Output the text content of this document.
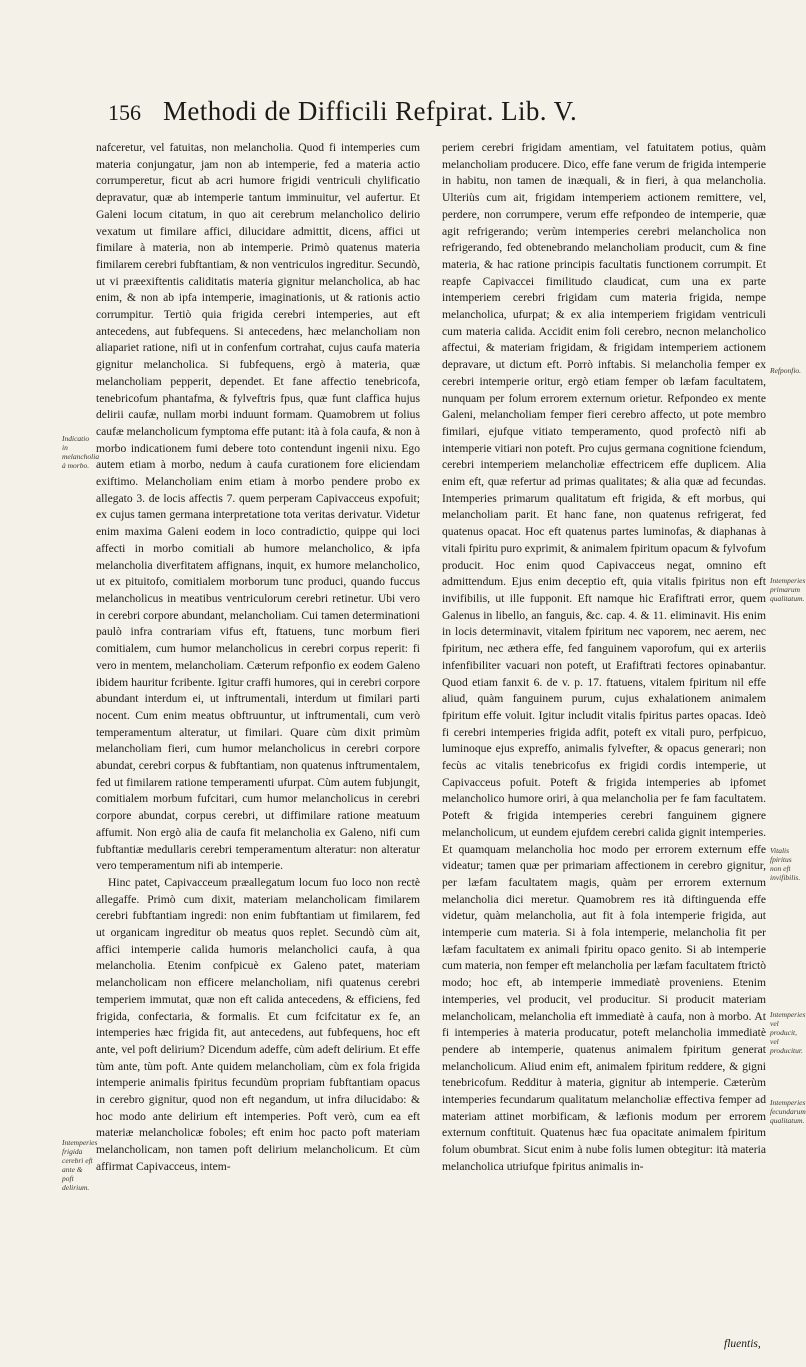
156 Methodi de Difficili Refpirat. Lib. V.

nafceretur, vel fatuitas, non melancholia. Quod fi intemperies cum materia conjungatur, jam non ab intemperie, fed a materia actio corrumperetur, ficut ab acri humore frigidi ventriculi chylificatio depravatur, quæ ab intemperie tantum imminuitur, vel aufertur. Et Galeni locum citatum, in quo ait cerebrum melancholico delirio vexatum ut fimilare affici, dilucidare admittit, dicens, affici ut fimilare à materia, non ab intemperie. Primò quatenus materia fimilarem cerebri fubftantiam, & non ventriculos ingreditur. Secundò, ut vi præexiftentis caliditatis materia gignitur melancholica, ab hac enim, & non ab ipfa intemperie, imaginationis, ut & rationis actio corrumpitur. Tertiò quia frigida cerebri intemperies, aut eft antecedens, aut fubfequens. Si antecedens, hæc melancholiam non aliapariet ratione, nifi ut in confenfum cortrahat, cujus caufa materia gignitur melancholica. Si fubfequens, ergò à materia, quæ melancholiam pepperit, dependet. Et fane affectio tenebricofa, tenebricofum phantafma, & fylveftris fpus, quæ funt claffica hujus delirii caufæ, nullam morbi induunt formam. Quamobrem ut folius caufæ melancholicum fymptoma effe putant: ità à fola caufa, & non à morbo indicationem fumi debere toto contendunt ingenii nixu. Ego autem etiam à morbo, nedum à caufa curationem fore eliciendam exiftimo. Melancholiam enim etiam à morbo pendere probo ex allegato 3. de locis affectis 7. quem perperam Capivacceus expofuit; ex cujus tamen germana interpretatione tota veritas derivatur. Videtur enim maxima Galeni eodem in loco contradictio, quippe qui loci affecti in morbo comitiali ab humore melancholico, & ipfa melancholia diverfitatem affignans, inquit, ex humore melancholico, ut ex pituitofo, comitialem morborum tunc produci, quando fuccus melancholicus in meatibus ventriculorum cerebri retinetur. Ubi vero in cerebri corpore abundant, melancholiam. Cui tamen determinationi paulò infra contrariam vifus eft, ftatuens, tunc morbum fieri comitialem, cum humor melancholicus in cerebri corpus reperit: fi vero in mentem, melancholiam. Cæterum refponfio ex eodem Galeno ibidem hauritur fcribente. Igitur craffi humores, qui in cerebri corpore abundant interdum ei, ut inftrumentali, interdum ut fimilari parti nocent. Cum enim meatus obftruuntur, ut inftrumentali, cum verò temperamentum alteratur, ut fimilari. Quare cùm dixit primùm melancholiam fieri, cum humor melancholicus in cerebri corpore abundat, cerebri corpus & fubftantiam, non quatenus inftrumentalem, fed ut fimilarem ratione temperamenti ufurpat. Cùm autem fubjungit, comitialem morbum fufcitari, cum humor melancholicus in cerebri corpore abundat, corpus cerebri, ut diffimilare ratione meatuum affumit. Non ergò alia de caufa fit melancholia ex Galeno, nifi cum fubftantiæ medullaris cerebri temperamentum alteratur: non alteratur vero temperamentum nifi ab intemperie.

Hinc patet, Capivacceum præallegatum locum fuo loco non rectè allegaffe. Primò cum dixit, materiam melancholicam fimilarem cerebri fubftantiam ingredi: non enim fubftantiam ut fimilarem, fed ut organicam ingreditur ob meatus quos replet. Secundò cùm ait, affici intemperie calida humoris melancholici caufa, à qua melancholia. Etenim confpicuè ex Galeno patet, materiam melancholicam non efficere melancholiam, nifi quatenus cerebri temperiem immutat, quæ non eft calida antecedens, & efficiens, fed frigida, confectaria, & formalis. Et cum fcifcitatur ex fe, an intemperies hæc frigida fit, aut antecedens, aut fubfequens, hoc eft ante, vel poft delirium? Dicendum adeffe, cùm adeft delirium. Et effe tùm ante, tùm poft. Ante quidem melancholiam, cùm ex fola frigida intemperie animalis fpiritus fecundùm propriam fubftantiam opacus in cerebro gignitur, quod non eft negandum, ut infra dilucidabo: & hoc modo ante delirium eft intemperies. Poft verò, cum ea eft materiæ melancholicæ foboles; eft enim hoc pacto poft materiam melancholicam, non tamen poft delirium melancholicum. Et cùm affirmat Capivacceus, intem-

periem cerebri frigidam amentiam, vel fatuitatem potius, quàm melancholiam producere. Dico, effe fane verum de frigida intemperie in habitu, non tamen de inæquali, & in fieri, à qua melancholia. Ulteriùs cum ait, frigidam intemperiem actionem remittere, vel, perdere, non corrumpere, verum effe refpondeo de intemperie, quæ agit refrigerando; verùm intemperies cerebri melancholica non refrigerando, fed obtenebrando melancholiam producit, cum & fine materia, & hac ratione principis facultatis functionem corrumpit. Et reapfe Capivaccei fimilitudo claudicat, cum una ex parte intemperiem cerebri frigidam cum materia frigida, nempe melancholica, ufurpat; & ex alia intemperiem frigidam ventriculi cum materia calida. Accidit enim foli cerebro, necnon melancholico affectui, & materiam frigidam, & frigidam intemperiem actionem depravare, ut dictum eft. Porrò inftabis. Si melancholia femper ex cerebri intemperie oritur, ergò etiam femper ob læfam facultatem, nunquam per folum errorem externum orietur. Refpondeo ex mente Galeni, melancholiam femper fieri cerebro affecto, ut pote membro fimilari, ejufque vitiato temperamento, quod profectò nifi ab intemperie vitiari non poteft. Pro cujus germana cognitione fciendum, cerebri intemperiem melancholiæ effectricem effe duplicem. Alia enim eft, quæ refertur ad primas qualitates; & alia quæ ad fecundas. Intemperies primarum qualitatum eft frigida, & eft morbus, qui melancholiam parit. Et hanc fane, non quatenus refrigerat, fed quatenus opacat. Hoc eft quatenus partes luminofas, & diaphanas à vitali fpiritu puro exprimit, & animalem fpiritum opacum & fylvofum producit. Hoc enim quod Capivacceus negat, omnino eft admittendum. Ejus enim deceptio eft, quia vitalis fpiritus non eft invifibilis, ut ille fupponit. Eft namque hic Erafiftrati error, quem Galenus in libello, an fanguis, &c. cap. 4. & 11. eliminavit. His enim in locis determinavit, vitalem fpiritum nec vaporem, nec aerem, nec fpiritum, nec æthera effe, fed fanguinem vaporofum, qui ex arteriis infenfibiliter vacuari non poteft, ut Erafiftrati fectores opinabantur. Quod etiam fanxit 6. de v. p. 17. ftatuens, vitalem fpiritum nil effe aliud, quàm fanguinem purum, cujus exhalationem animalem fpiritum effe voluit. Igitur includit vitalis fpiritus partes opacas. Ideò fi cerebri intemperies frigida adfit, poteft ex vitali puro, perfpicuo, luminoque ejus expreffo, animalis fylvefter, & opacus generari; non fecùs ac vitalis tenebricofus ex frigidi cordis intemperie, ut Capivacceus pofuit. Poteft & frigida intemperies ab ipfomet melancholico humore oriri, à qua melancholia per fe fam facultatem. Poteft & frigida intemperies cerebri fanguinem gignere melancholicum, ut eundem ejufdem cerebri calida gignit intemperies. Et quamquam melancholia hoc modo per errorem externum effe videatur; tamen quæ per primariam affectionem in cerebro gignitur, per læfam facultatem magis, quàm per errorem externum melancholia dici meretur. Quamobrem res ità diftinguenda effe videtur, quàm melancholia, aut fit à fola intemperie frigida, aut intemperie cum materia. Si à fola intemperie, melancholia fit per læfam facultatem ex animali fpiritu opaco genito. Si ab intemperie cum materia, non femper eft melancholia per læfam facultatem ftrictò modo; hoc eft, ab intemperie immediatè proveniens. Etenim intemperies, vel producit, vel producitur. Si producit materiam melancholicam, melancholia eft immediatè à caufa, non à morbo. At fi intemperies à materia producatur, poteft melancholia immediatè pendere ab intemperie, quatenus animalem fpiritum generat melancholicum. Aliud enim eft, animalem fpiritum reddere, & gigni tenebricofum. Redditur à materia, gignitur ab intemperie. Cæterùm intemperies fecundarum qualitatum melancholiæ effectiva femper ad materiam attinet morbificam, & læfionis modum per errorem externum conftituit. Quatenus hæc fua opacitate animalem fpiritum folum obumbrat. Sicut enim à nube folis lumen obtegitur: ità materia melancholica utriufque fpiritus animalis in-

Indicatio in melancholia à morbo.
Intemperies frigida cerebri eft ante & poft delirium.
Refponfio.
Intemperies primarum qualitatum.
Vitalis fpiritus non eft invifibilis.
Intemperies vel producit, vel producitur.
Intemperies fecundarum qualitatum.
fluentis,
